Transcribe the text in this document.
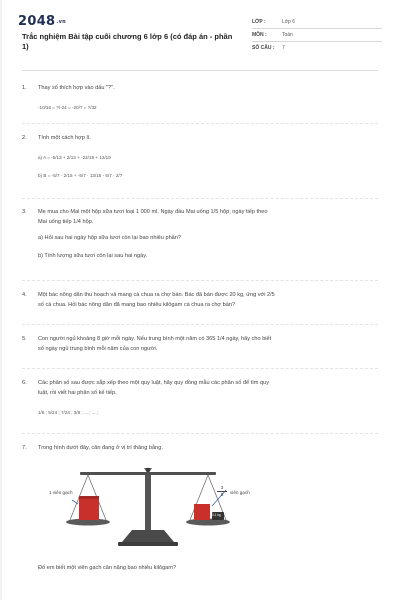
2048.vn
Trắc nghiệm Bài tập cuối chương 6 lớp 6 (có đáp án - phần
1)
LỚP :	Lớp 6
MÔN :	Toán
SỐ CÂU :	7
1. Thay số thích hợp vào dấu "?".
-10/16 = ?/-24 = -20/? = ?/32
2. Tính một cách hợp lí.
a) A = -5/13 + 2/13 + -22/19 + 12/19
b) B = -5/7 · 2/15 + -5/7 · 13/15 - 5/7 · 2/7
3. Mẹ mua cho Mai một hộp sữa tươi loại 1 000 ml. Ngày đầu Mai uống 1/5 hộp; ngày tiếp theo
Mai uống tiếp 1/4 hộp.
a) Hỏi sau hai ngày hộp sữa tươi còn lại bao nhiêu phần?
b) Tính lượng sữa tươi còn lại sau hai ngày.
4. Một bác nông dân thu hoạch và mang cà chua ra chợ bán. Bác đã bán được 20 kg, ứng với 2/5
số cà chua. Hỏi bác nông dân đã mang bao nhiêu kilôgam cà chua ra chợ bán?
5. Con người ngủ khoảng 8 giờ mỗi ngày. Nếu trung bình một năm có 365 1/4 ngày, hãy cho biết
số ngày ngủ trung bình mỗi năm của con người.
6. Các phân số sau được sắp xếp theo một quy luật, hãy quy đồng mẫu các phân số để tìm quy
luật, rồi viết hai phân số kế tiếp.
1/8 ; 5/24 ; 7/24 ; 3/8 ; ... ; ... ;
7. Trong hình dưới đây, cân đang ở vị trí thăng bằng.
1 viên gạch	$\frac{3}{5}$ viên gạch
0,1 kg
Đố em biết một viên gạch cân nặng bao nhiêu kilôgam?
